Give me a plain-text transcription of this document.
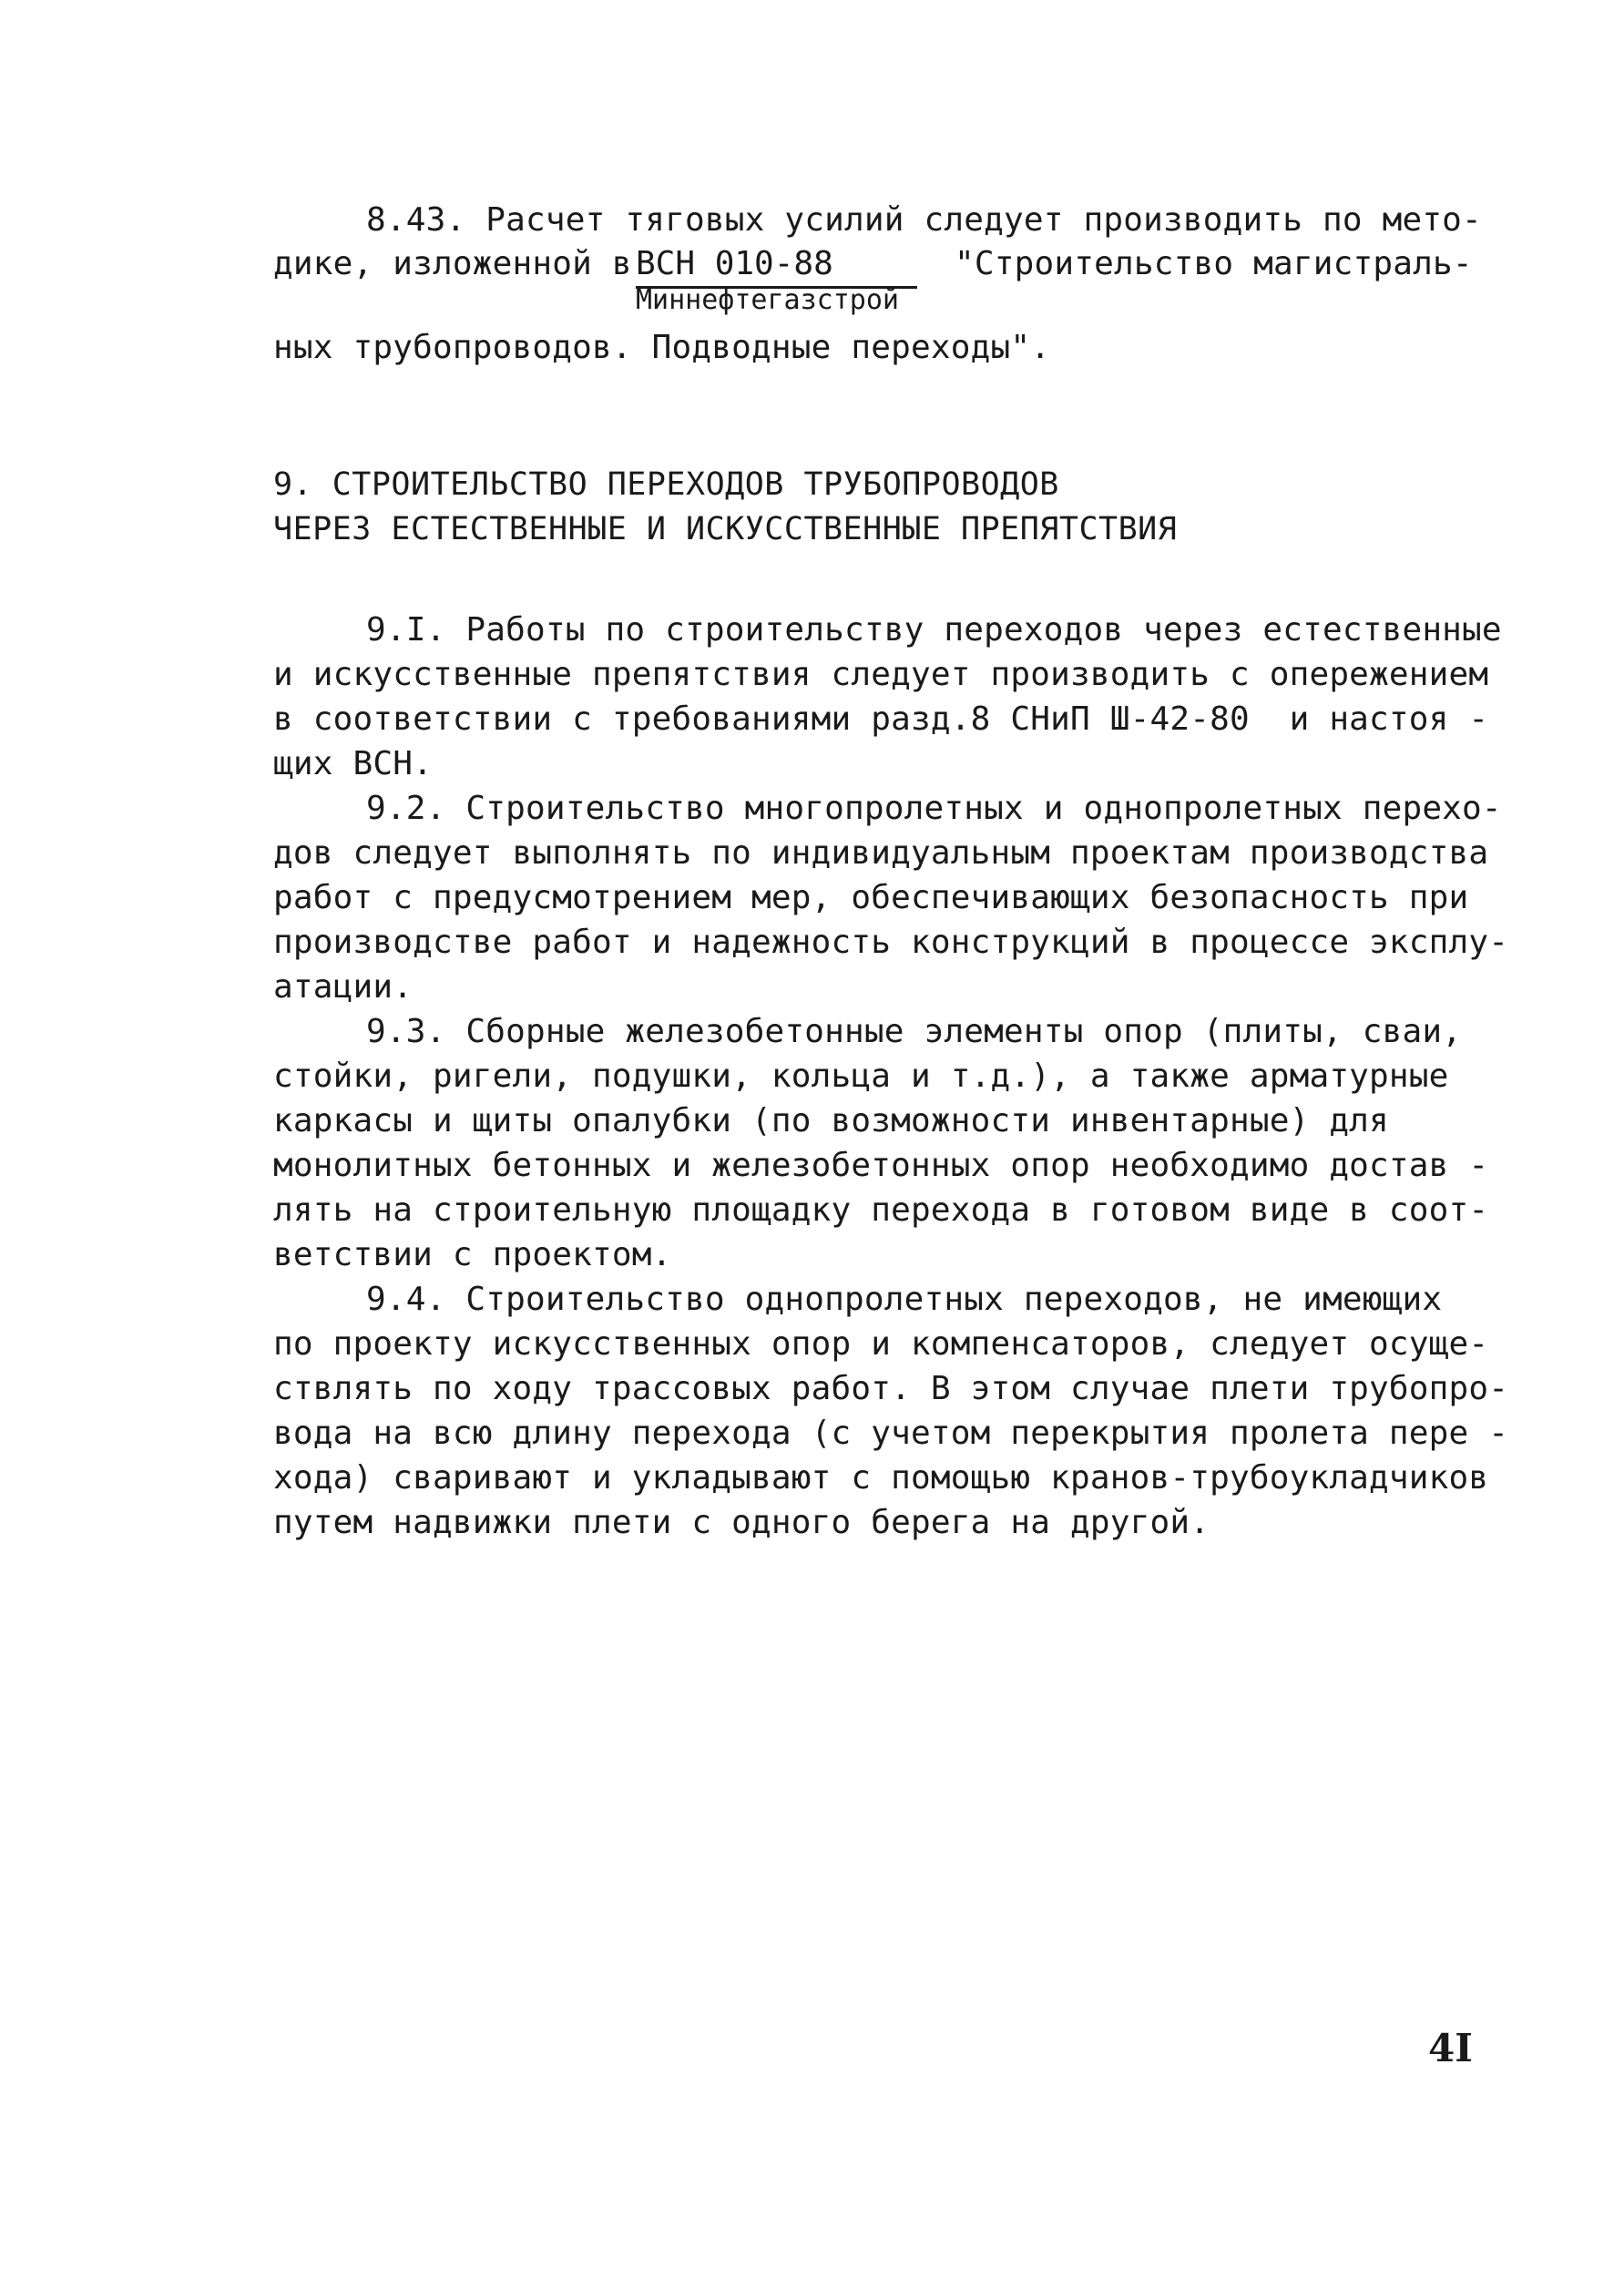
8.43. Расчет тяговых усилий следует производить по мето-
дике, изложенной в

ВСН 010-88

Миннефтегазстрой

"Строительство магистраль-
ных трубопроводов. Подводные переходы".
9. СТРОИТЕЛЬСТВО ПЕРЕХОДОВ ТРУБОПРОВОДОВ
ЧЕРЕЗ ЕСТЕСТВЕННЫЕ И ИСКУССТВЕННЫЕ ПРЕПЯТСТВИЯ
9.I. Работы по строительству переходов через естественные
и искусственные препятствия следует производить с опережением
в соответствии с требованиями разд.8 СНиП Ш-42-80  и настоя -
щих ВСН.
9.2. Строительство многопролетных и однопролетных перехо-
дов следует выполнять по индивидуальным проектам производства
работ с предусмотрением мер, обеспечивающих безопасность при
производстве работ и надежность конструкций в процессе эксплу-
атации.
9.3. Сборные железобетонные элементы опор (плиты, сваи,
стойки, ригели, подушки, кольца и т.д.), а также арматурные
каркасы и щиты опалубки (по возможности инвентарные) для
монолитных бетонных и железобетонных опор необходимо достав -
лять на строительную площадку перехода в готовом виде в соот-
ветствии с проектом.
9.4. Строительство однопролетных переходов, не имеющих
по проекту искусственных опор и компенсаторов, следует осуще-
ствлять по ходу трассовых работ. В этом случае плети трубопро-
вода на всю длину перехода (с учетом перекрытия пролета пере -
хода) сваривают и укладывают с помощью кранов-трубоукладчиков
путем надвижки плети с одного берега на другой.
4I
